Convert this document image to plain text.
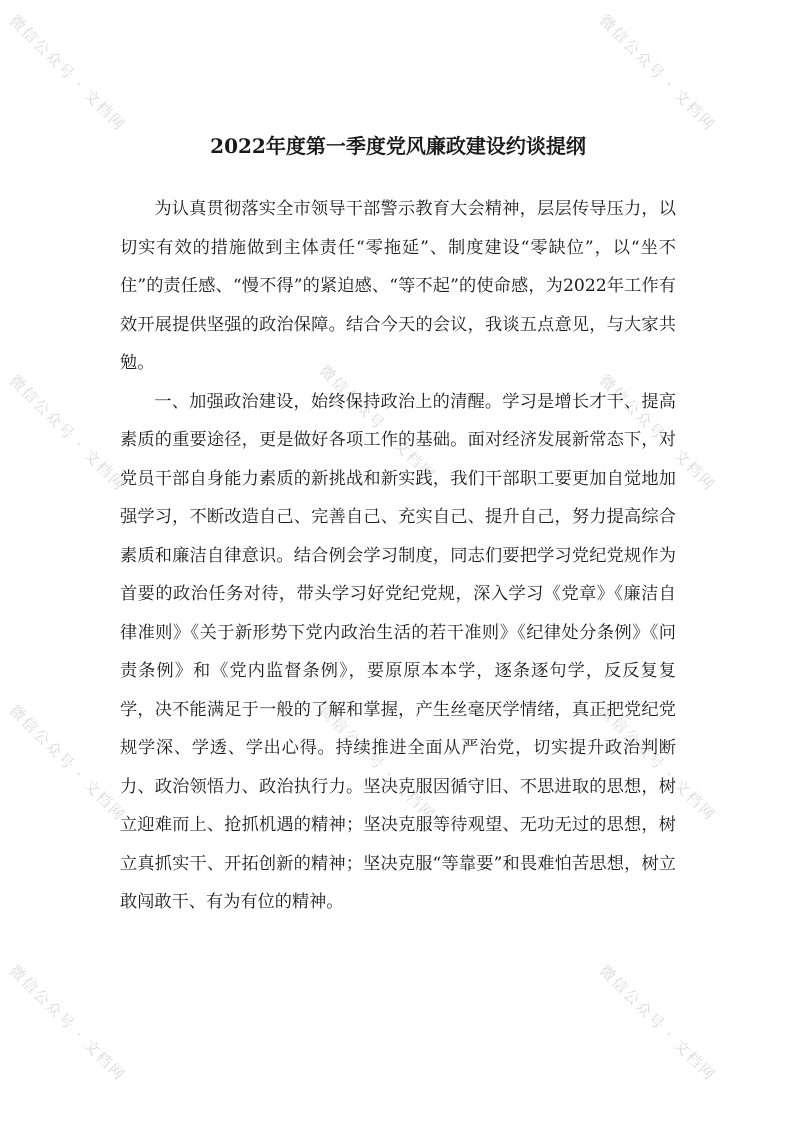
微信公众号 · 文档网	微信公众号 · 文档网
微信公众号 · 文档网
微信公众号 · 文档网	微信公众号 · 文档网
微信公众号 · 文档网
微信公众号 · 文档网	微信公众号 · 文档网
微信公众号 · 文档网	微信公众号 · 文档网
2022年度第一季度党风廉政建设约谈提纲

为认真贯彻落实全市领导干部警示教育大会精神，层层传导压力，以切实有效的措施做到主体责任“零拖延”、制度建设“零缺位”，以“坐不住”的责任感、“慢不得”的紧迫感、“等不起”的使命感，为2022年工作有效开展提供坚强的政治保障。结合今天的会议，我谈五点意见，与大家共勉。

一、加强政治建设，始终保持政治上的清醒。学习是增长才干、提高素质的重要途径，更是做好各项工作的基础。面对经济发展新常态下，对党员干部自身能力素质的新挑战和新实践，我们干部职工要更加自觉地加强学习，不断改造自己、完善自己、充实自己、提升自己，努力提高综合素质和廉洁自律意识。结合例会学习制度，同志们要把学习党纪党规作为首要的政治任务对待，带头学习好党纪党规，深入学习《党章》《廉洁自律准则》《关于新形势下党内政治生活的若干准则》《纪律处分条例》《问责条例》和《党内监督条例》，要原原本本学，逐条逐句学，反反复复学，决不能满足于一般的了解和掌握，产生丝毫厌学情绪，真正把党纪党规学深、学透、学出心得。持续推进全面从严治党，切实提升政治判断力、政治领悟力、政治执行力。坚决克服因循守旧、不思进取的思想，树立迎难而上、抢抓机遇的精神；坚决克服等待观望、无功无过的思想，树立真抓实干、开拓创新的精神；坚决克服“等靠要”和畏难怕苦思想，树立敢闯敢干、有为有位的精神。
